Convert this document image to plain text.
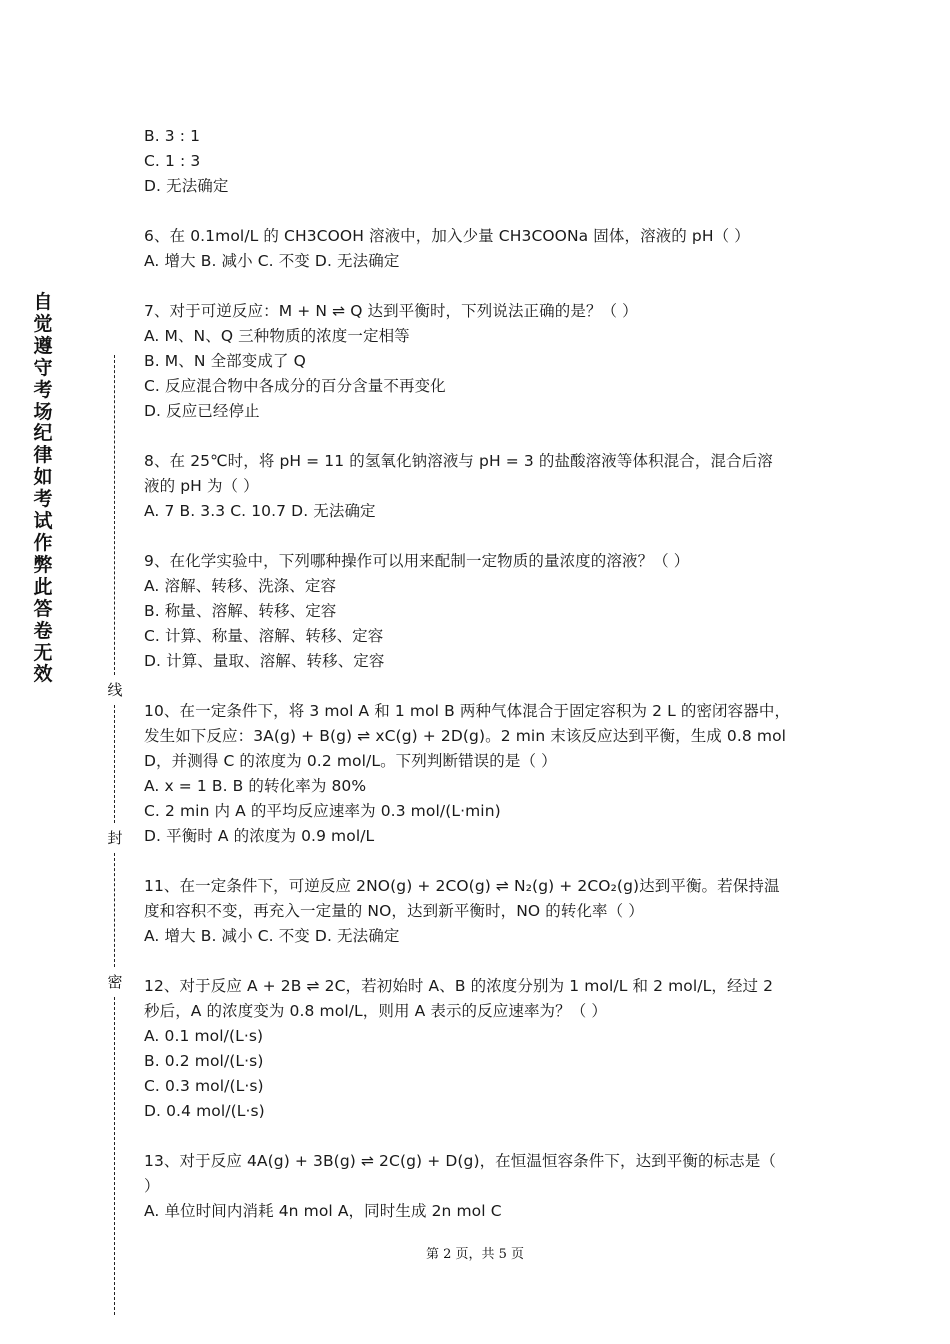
自觉遵守考场纪律如考试作弊此答卷无效
线
封
密
B. 3 : 1
C. 1 : 3
D. 无法确定
6、在 0.1mol/L 的 CH3COOH 溶液中，加入少量 CH3COONa 固体，溶液的 pH（ ）
A. 增大 B. 减小 C. 不变 D. 无法确定
7、对于可逆反应：M + N ⇌ Q 达到平衡时，下列说法正确的是？（ ）
A. M、N、Q 三种物质的浓度一定相等
B. M、N 全部变成了 Q
C. 反应混合物中各成分的百分含量不再变化
D. 反应已经停止
8、在 25℃时，将 pH = 11 的氢氧化钠溶液与 pH = 3 的盐酸溶液等体积混合，混合后溶
液的 pH 为（ ）
A. 7 B. 3.3 C. 10.7 D. 无法确定
9、在化学实验中，下列哪种操作可以用来配制一定物质的量浓度的溶液？（ ）
A. 溶解、转移、洗涤、定容
B. 称量、溶解、转移、定容
C. 计算、称量、溶解、转移、定容
D. 计算、量取、溶解、转移、定容
10、在一定条件下，将 3 mol A 和 1 mol B 两种气体混合于固定容积为 2 L 的密闭容器中，
发生如下反应：3A(g) + B(g) ⇌ xC(g) + 2D(g)。2 min 末该反应达到平衡，生成 0.8 mol
D，并测得 C 的浓度为 0.2 mol/L。下列判断错误的是（ ）
A. x = 1 B. B 的转化率为 80%
C. 2 min 内 A 的平均反应速率为 0.3 mol/(L·min)
D. 平衡时 A 的浓度为 0.9 mol/L
11、在一定条件下，可逆反应 2NO(g) + 2CO(g) ⇌ N₂(g) + 2CO₂(g)达到平衡。若保持温
度和容积不变，再充入一定量的 NO，达到新平衡时，NO 的转化率（ ）
A. 增大 B. 减小 C. 不变 D. 无法确定
12、对于反应 A + 2B ⇌ 2C，若初始时 A、B 的浓度分别为 1 mol/L 和 2 mol/L，经过 2
秒后，A 的浓度变为 0.8 mol/L，则用 A 表示的反应速率为？（ ）
A. 0.1 mol/(L·s)
B. 0.2 mol/(L·s)
C. 0.3 mol/(L·s)
D. 0.4 mol/(L·s)
13、对于反应 4A(g) + 3B(g) ⇌ 2C(g) + D(g)，在恒温恒容条件下，达到平衡的标志是（
）
A. 单位时间内消耗 4n mol A，同时生成 2n mol C
第 2 页，共 5 页
